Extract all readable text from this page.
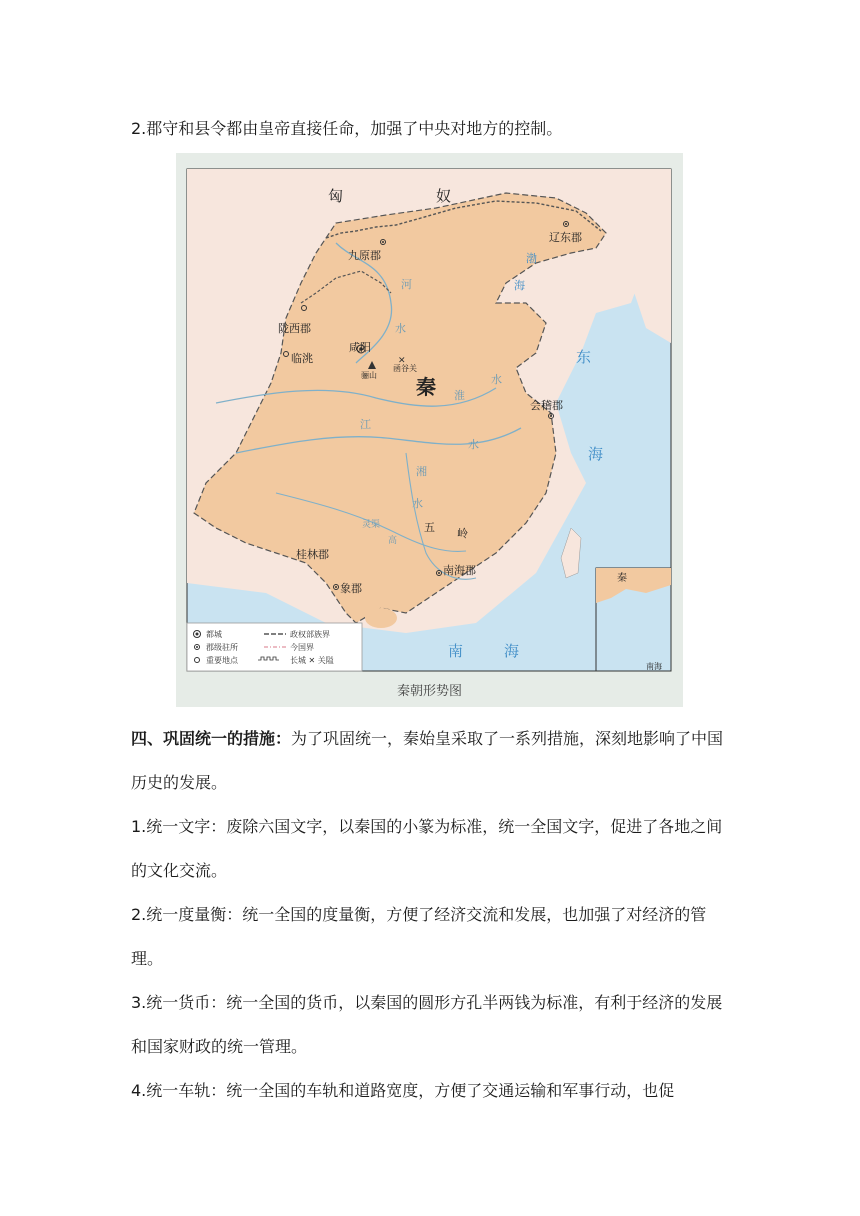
2.郡守和县令都由皇帝直接任命，加强了中央对地方的控制。

✕
匈	奴
九原郡
辽东郡
陇西郡
临洮
咸阳
骊山
函谷关
秦
会稽郡
桂林郡
象郡
南海郡
五 岭
渤
海
东
海
南	海
河
水
淮
水
江
水
湘
水
灵渠
高
秦
南海
都城
郡级驻所
重要地点
政权部族界
今国界
长城 ✕ 关隘
秦朝形势图

四、巩固统一的措施：为了巩固统一，秦始皇采取了一系列措施，深刻地影响了中国历史的发展。

1.统一文字：废除六国文字，以秦国的小篆为标准，统一全国文字，促进了各地之间的文化交流。

2.统一度量衡：统一全国的度量衡，方便了经济交流和发展，也加强了对经济的管理。

3.统一货币：统一全国的货币，以秦国的圆形方孔半两钱为标准，有利于经济的发展和国家财政的统一管理。

4.统一车轨：统一全国的车轨和道路宽度，方便了交通运输和军事行动，也促
